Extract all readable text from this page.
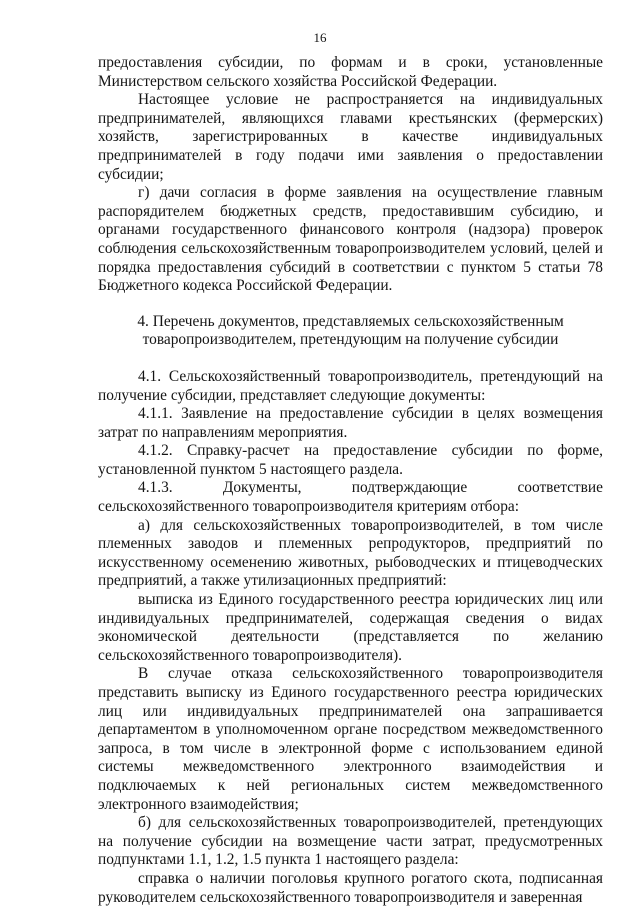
16

предоставления субсидии, по формам и в сроки, установленные Министерством сельского хозяйства Российской Федерации.

Настоящее условие не распространяется на индивидуальных предпринимателей, являющихся главами крестьянских (фермерских) хозяйств, зарегистрированных в качестве индивидуальных предпринимателей в году подачи ими заявления о предоставлении субсидии;

г) дачи согласия в форме заявления на осуществление главным распорядителем бюджетных средств, предоставившим субсидию, и органами государственного финансового контроля (надзора) проверок соблюдения сельскохозяйственным товаропроизводителем условий, целей и порядка предоставления субсидий в соответствии с пунктом 5 статьи 78 Бюджетного кодекса Российской Федерации.

4. Перечень документов, представляемых сельскохозяйственным товаропроизводителем, претендующим на получение субсидии

4.1. Сельскохозяйственный товаропроизводитель, претендующий на получение субсидии, представляет следующие документы:

4.1.1. Заявление на предоставление субсидии в целях возмещения затрат по направлениям мероприятия.

4.1.2. Справку-расчет на предоставление субсидии по форме, установленной пунктом 5 настоящего раздела.

4.1.3. Документы, подтверждающие соответствие сельскохозяйственного товаропроизводителя критериям отбора:

а) для сельскохозяйственных товаропроизводителей, в том числе племенных заводов и племенных репродукторов, предприятий по искусственному осеменению животных, рыбоводческих и птицеводческих предприятий, а также утилизационных предприятий:

выписка из Единого государственного реестра юридических лиц или индивидуальных предпринимателей, содержащая сведения о видах экономической деятельности (представляется по желанию сельскохозяйственного товаропроизводителя).

В случае отказа сельскохозяйственного товаропроизводителя представить выписку из Единого государственного реестра юридических лиц или индивидуальных предпринимателей она запрашивается департаментом в уполномоченном органе посредством межведомственного запроса, в том числе в электронной форме с использованием единой системы межведомственного электронного взаимодействия и подключаемых к ней региональных систем межведомственного электронного взаимодействия;

б) для сельскохозяйственных товаропроизводителей, претендующих на получение субсидии на возмещение части затрат, предусмотренных подпунктами 1.1, 1.2, 1.5 пункта 1 настоящего раздела:

справка о наличии поголовья крупного рогатого скота, подписанная руководителем сельскохозяйственного товаропроизводителя и заверенная
